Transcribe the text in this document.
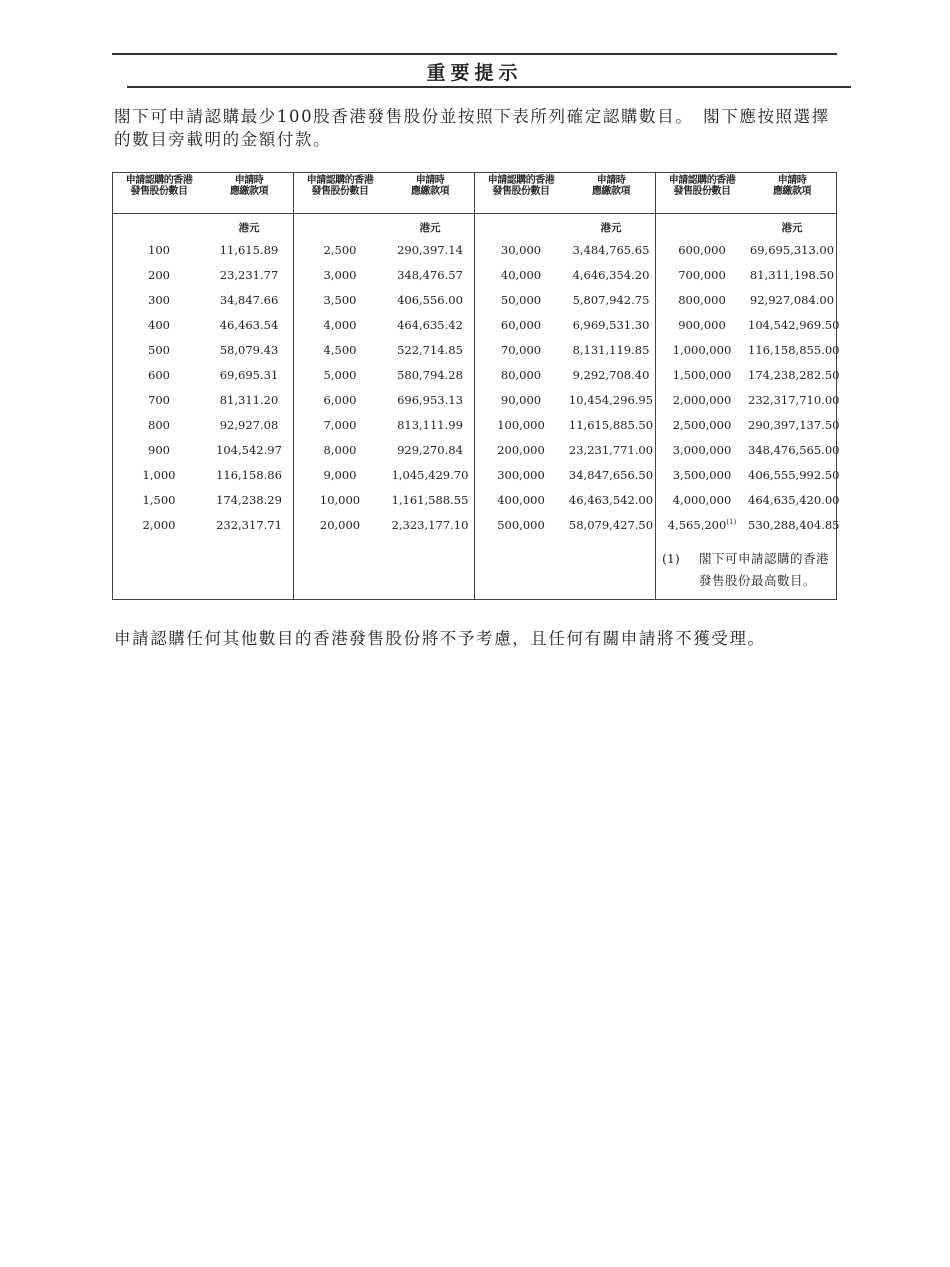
重要提示

閣下可申請認購最少100股香港發售股份並按照下表所列確定認購數目。　閣下應按照選擇的數目旁載明的金額付款。

申請認購的香港
發售股份數目
申請時
應繳款項
港元
100	11,615.89
200	23,231.77
300	34,847.66
400	46,463.54
500	58,079.43
600	69,695.31
700	81,311.20
800	92,927.08
900	104,542.97
1,000	116,158.86
1,500	174,238.29
2,000	232,317.71
申請認購的香港
發售股份數目
申請時
應繳款項
港元
2,500	290,397.14
3,000	348,476.57
3,500	406,556.00
4,000	464,635.42
4,500	522,714.85
5,000	580,794.28
6,000	696,953.13
7,000	813,111.99
8,000	929,270.84
9,000	1,045,429.70
10,000	1,161,588.55
20,000	2,323,177.10
申請認購的香港
發售股份數目
申請時
應繳款項
港元
30,000	3,484,765.65
40,000	4,646,354.20
50,000	5,807,942.75
60,000	6,969,531.30
70,000	8,131,119.85
80,000	9,292,708.40
90,000	10,454,296.95
100,000	11,615,885.50
200,000	23,231,771.00
300,000	34,847,656.50
400,000	46,463,542.00
500,000	58,079,427.50
申請認購的香港
發售股份數目
申請時
應繳款項
港元
600,000	69,695,313.00
700,000	81,311,198.50
800,000	92,927,084.00
900,000	104,542,969.50
1,000,000	116,158,855.00
1,500,000	174,238,282.50
2,000,000	232,317,710.00
2,500,000	290,397,137.50
3,000,000	348,476,565.00
3,500,000	406,555,992.50
4,000,000	464,635,420.00
4,565,200$^{(1)}$	530,288,404.85
(1) 閣下可申請認購的香港發售股份最高數目。

申請認購任何其他數目的香港發售股份將不予考慮，且任何有關申請將不獲受理。
